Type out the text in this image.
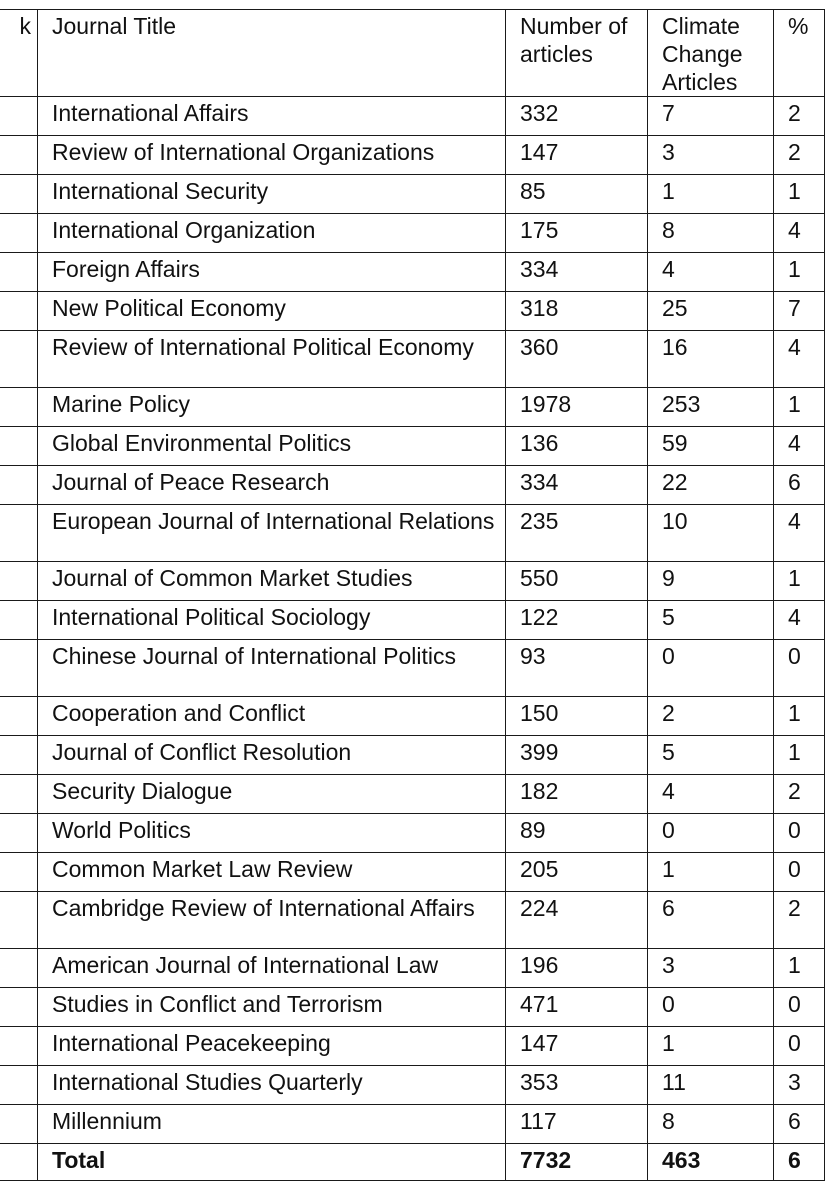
k	Journal Title	Number of articles	Climate Change Articles	%
	International Affairs	332	7	2
	Review of International Organizations	147	3	2
	International Security	85	1	1
	International Organization	175	8	4
	Foreign Affairs	334	4	1
	New Political Economy	318	25	7
	Review of International Political Economy	360	16	4
	Marine Policy	1978	253	1
	Global Environmental Politics	136	59	4
	Journal of Peace Research	334	22	6
	European Journal of International Relations	235	10	4
	Journal of Common Market Studies	550	9	1
	International Political Sociology	122	5	4
	Chinese Journal of International Politics	93	0	0
	Cooperation and Conflict	150	2	1
	Journal of Conflict Resolution	399	5	1
	Security Dialogue	182	4	2
	World Politics	89	0	0
	Common Market Law Review	205	1	0
	Cambridge Review of International Affairs	224	6	2
	American Journal of International Law	196	3	1
	Studies in Conflict and Terrorism	471	0	0
	International Peacekeeping	147	1	0
	International Studies Quarterly	353	11	3
	Millennium	117	8	6
	Total	7732	463	6
